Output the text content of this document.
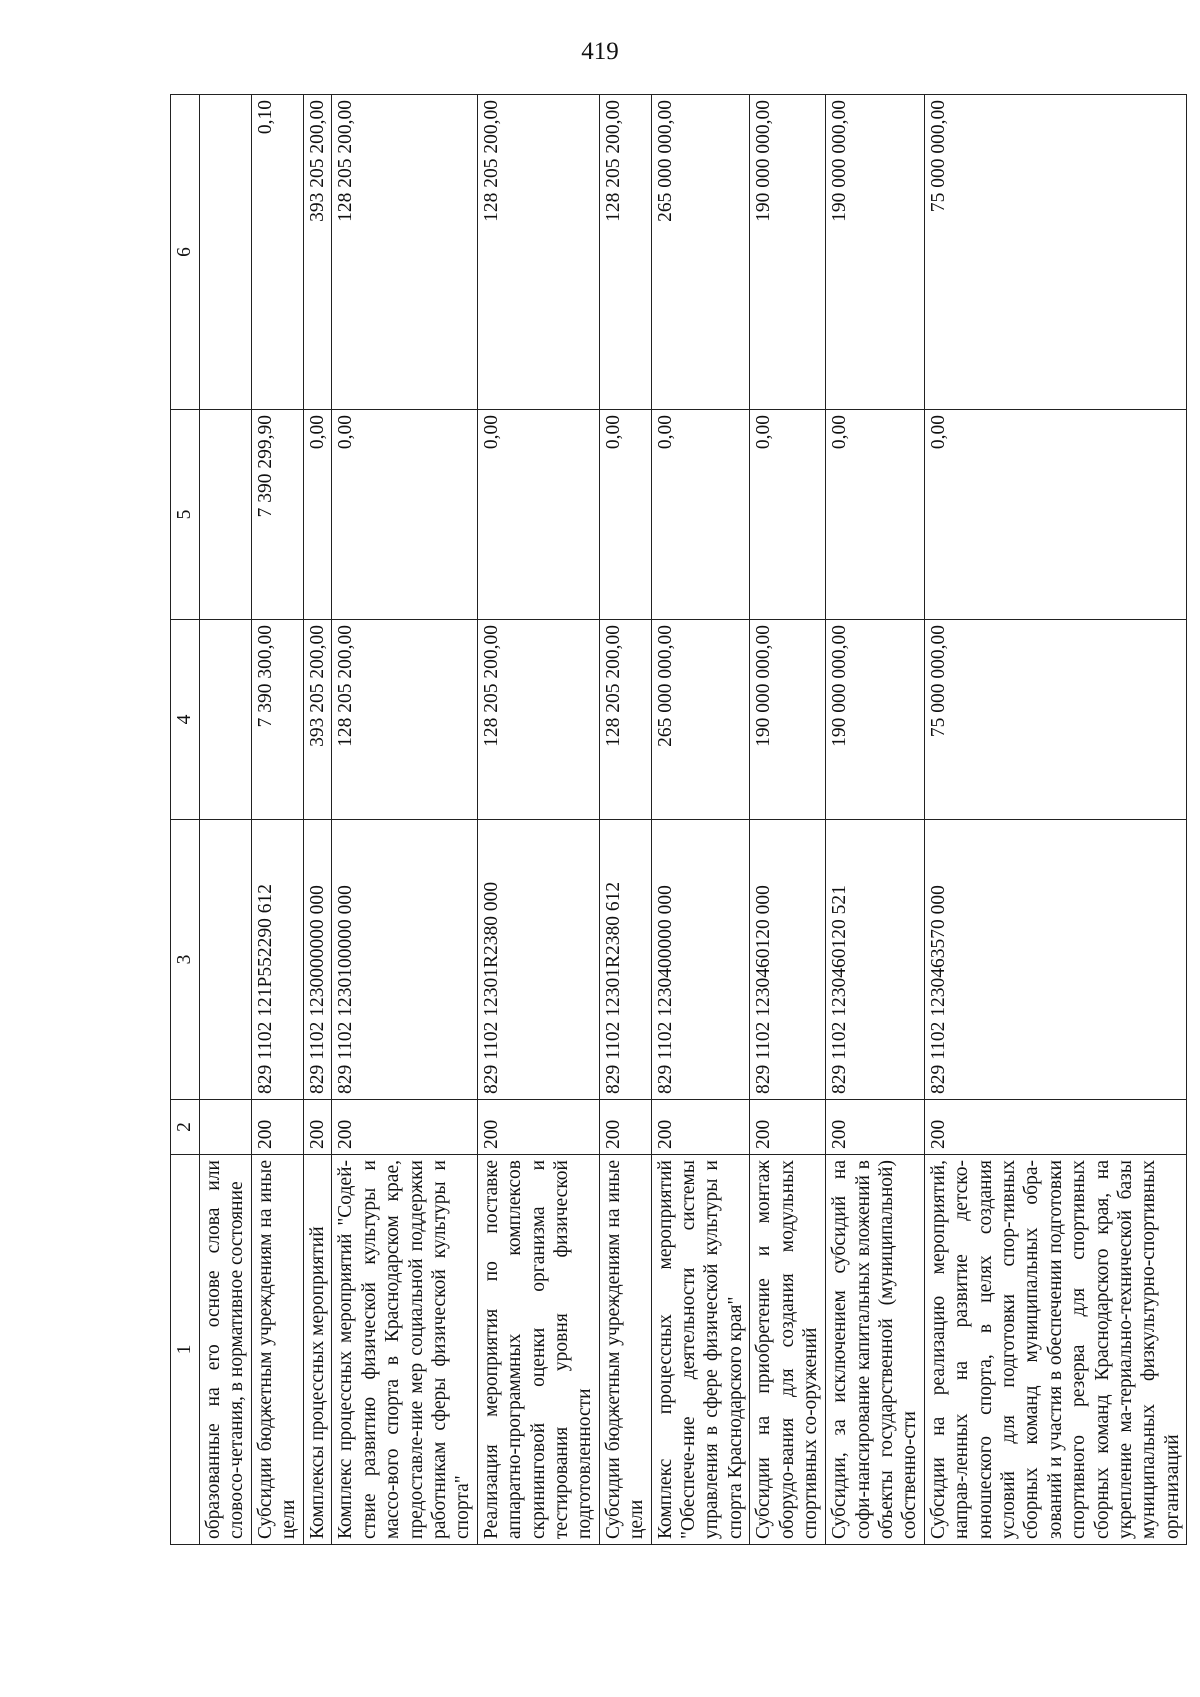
419
1	2	3	4	5	6
образованные на его основе слова или словосо-четания, в нормативное состояние					
Субсидии бюджетным учреждениям на иные цели	200	829 1102 121Р552290 612	7 390 300,00	7 390 299,90	0,10
Комплексы процессных мероприятий	200	829 1102 1230000000 000	393 205 200,00	0,00	393 205 200,00
Комплекс процессных мероприятий "Содей-ствие развитию физической культуры и массо-вого спорта в Краснодарском крае, предоставле-ние мер социальной поддержки работникам сферы физической культуры и спорта"	200	829 1102 1230100000 000	128 205 200,00	0,00	128 205 200,00
Реализация мероприятия по поставке аппаратно-программных комплексов скрининговой оценки организма и тестирования уровня физической подготовленности	200	829 1102 12301R2380 000	128 205 200,00	0,00	128 205 200,00
Субсидии бюджетным учреждениям на иные цели	200	829 1102 12301R2380 612	128 205 200,00	0,00	128 205 200,00
Комплекс процессных мероприятий "Обеспече-ние деятельности системы управления в сфере физической культуры и спорта Краснодарского края"	200	829 1102 1230400000 000	265 000 000,00	0,00	265 000 000,00
Субсидии на приобретение и монтаж оборудо-вания для создания модульных спортивных со-оружений	200	829 1102 1230460120 000	190 000 000,00	0,00	190 000 000,00
Субсидии, за исключением субсидий на софи-нансирование капитальных вложений в объекты государственной (муниципальной) собственно-сти	200	829 1102 1230460120 521	190 000 000,00	0,00	190 000 000,00
Субсидии на реализацию мероприятий, направ-ленных на развитие детско-юношеского спорта, в целях создания условий для подготовки спор-тивных сборных команд муниципальных обра-зований и участия в обеспечении подготовки спортивного резерва для спортивных сборных команд Краснодарского края, на укрепление ма-териально-технической базы муниципальных физкультурно-спортивных организаций	200	829 1102 1230463570 000	75 000 000,00	0,00	75 000 000,00
